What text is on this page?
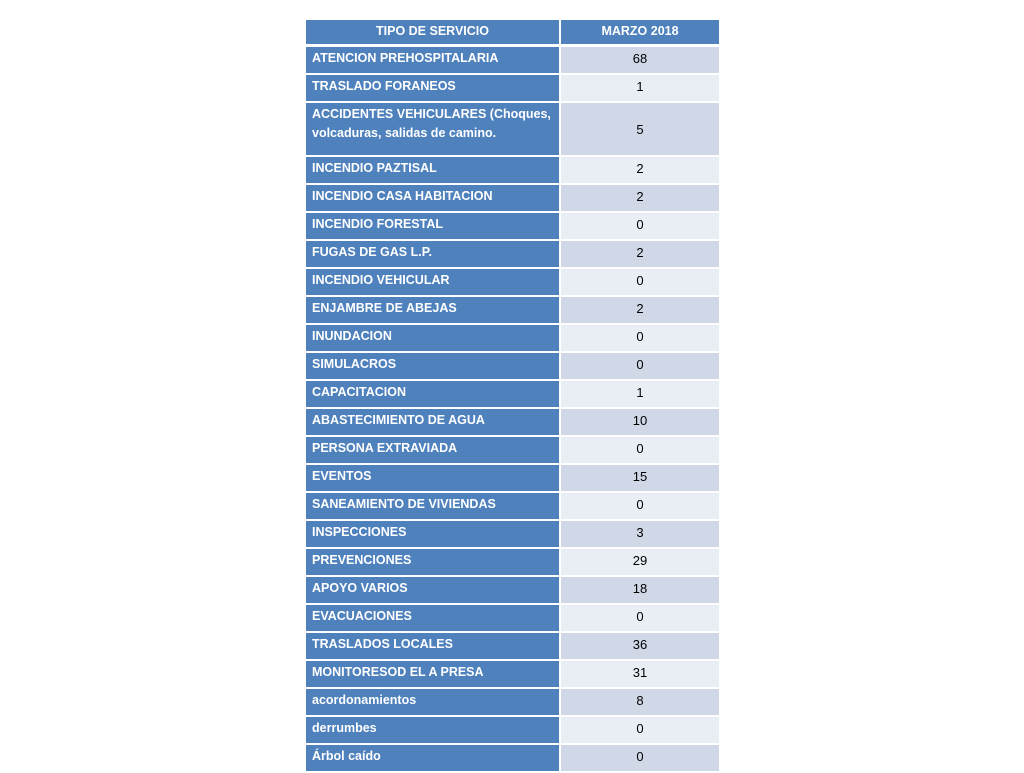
TIPO DE SERVICIO	MARZO 2018
ATENCION PREHOSPITALARIA	68
TRASLADO FORANEOS	1
ACCIDENTES VEHICULARES (Choques, volcaduras, salidas de camino.	5
INCENDIO PAZTISAL	2
INCENDIO CASA HABITACION	2
INCENDIO FORESTAL	0
FUGAS DE GAS L.P.	2
INCENDIO VEHICULAR	0
ENJAMBRE DE ABEJAS	2
INUNDACION	0
SIMULACROS	0
CAPACITACION	1
ABASTECIMIENTO DE AGUA	10
PERSONA EXTRAVIADA	0
EVENTOS	15
SANEAMIENTO DE VIVIENDAS	0
INSPECCIONES	3
PREVENCIONES	29
APOYO VARIOS	18
EVACUACIONES	0
TRASLADOS LOCALES	36
MONITORESOD EL A PRESA	31
acordonamientos	8
derrumbes	0
Árbol caído	0
